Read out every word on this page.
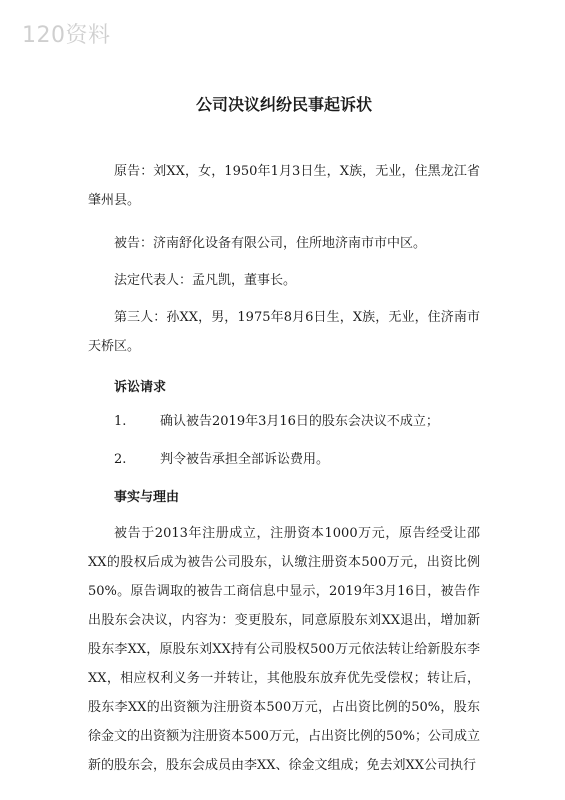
120资料
公司决议纠纷民事起诉状

原告：刘XX，女，1950年1月3日生，X族，无业，住黑龙江省肇州县。

被告：济南舒化设备有限公司，住所地济南市市中区。

法定代表人：孟凡凯，董事长。

第三人：孙XX，男，1975年8月6日生，X族，无业，住济南市天桥区。

诉讼请求
1.	确认被告2019年3月16日的股东会决议不成立；
2.	判令被告承担全部诉讼费用。
事实与理由

被告于2013年注册成立，注册资本1000万元，原告经受让邵XX的股权后成为被告公司股东，认缴注册资本500万元，出资比例50%。原告调取的被告工商信息中显示，2019年3月16日，被告作出股东会决议，内容为：变更股东，同意原股东刘XX退出，增加新股东李XX，原股东刘XX持有公司股权500万元依法转让给新股东李XX，相应权利义务一并转让，其他股东放弃优先受偿权；转让后，股东李XX的出资额为注册资本500万元，占出资比例的50%，股东徐金文的出资额为注册资本500万元，占出资比例的50%；公司成立新的股东会，股东会成员由李XX、徐金文组成；免去刘XX公司执行
